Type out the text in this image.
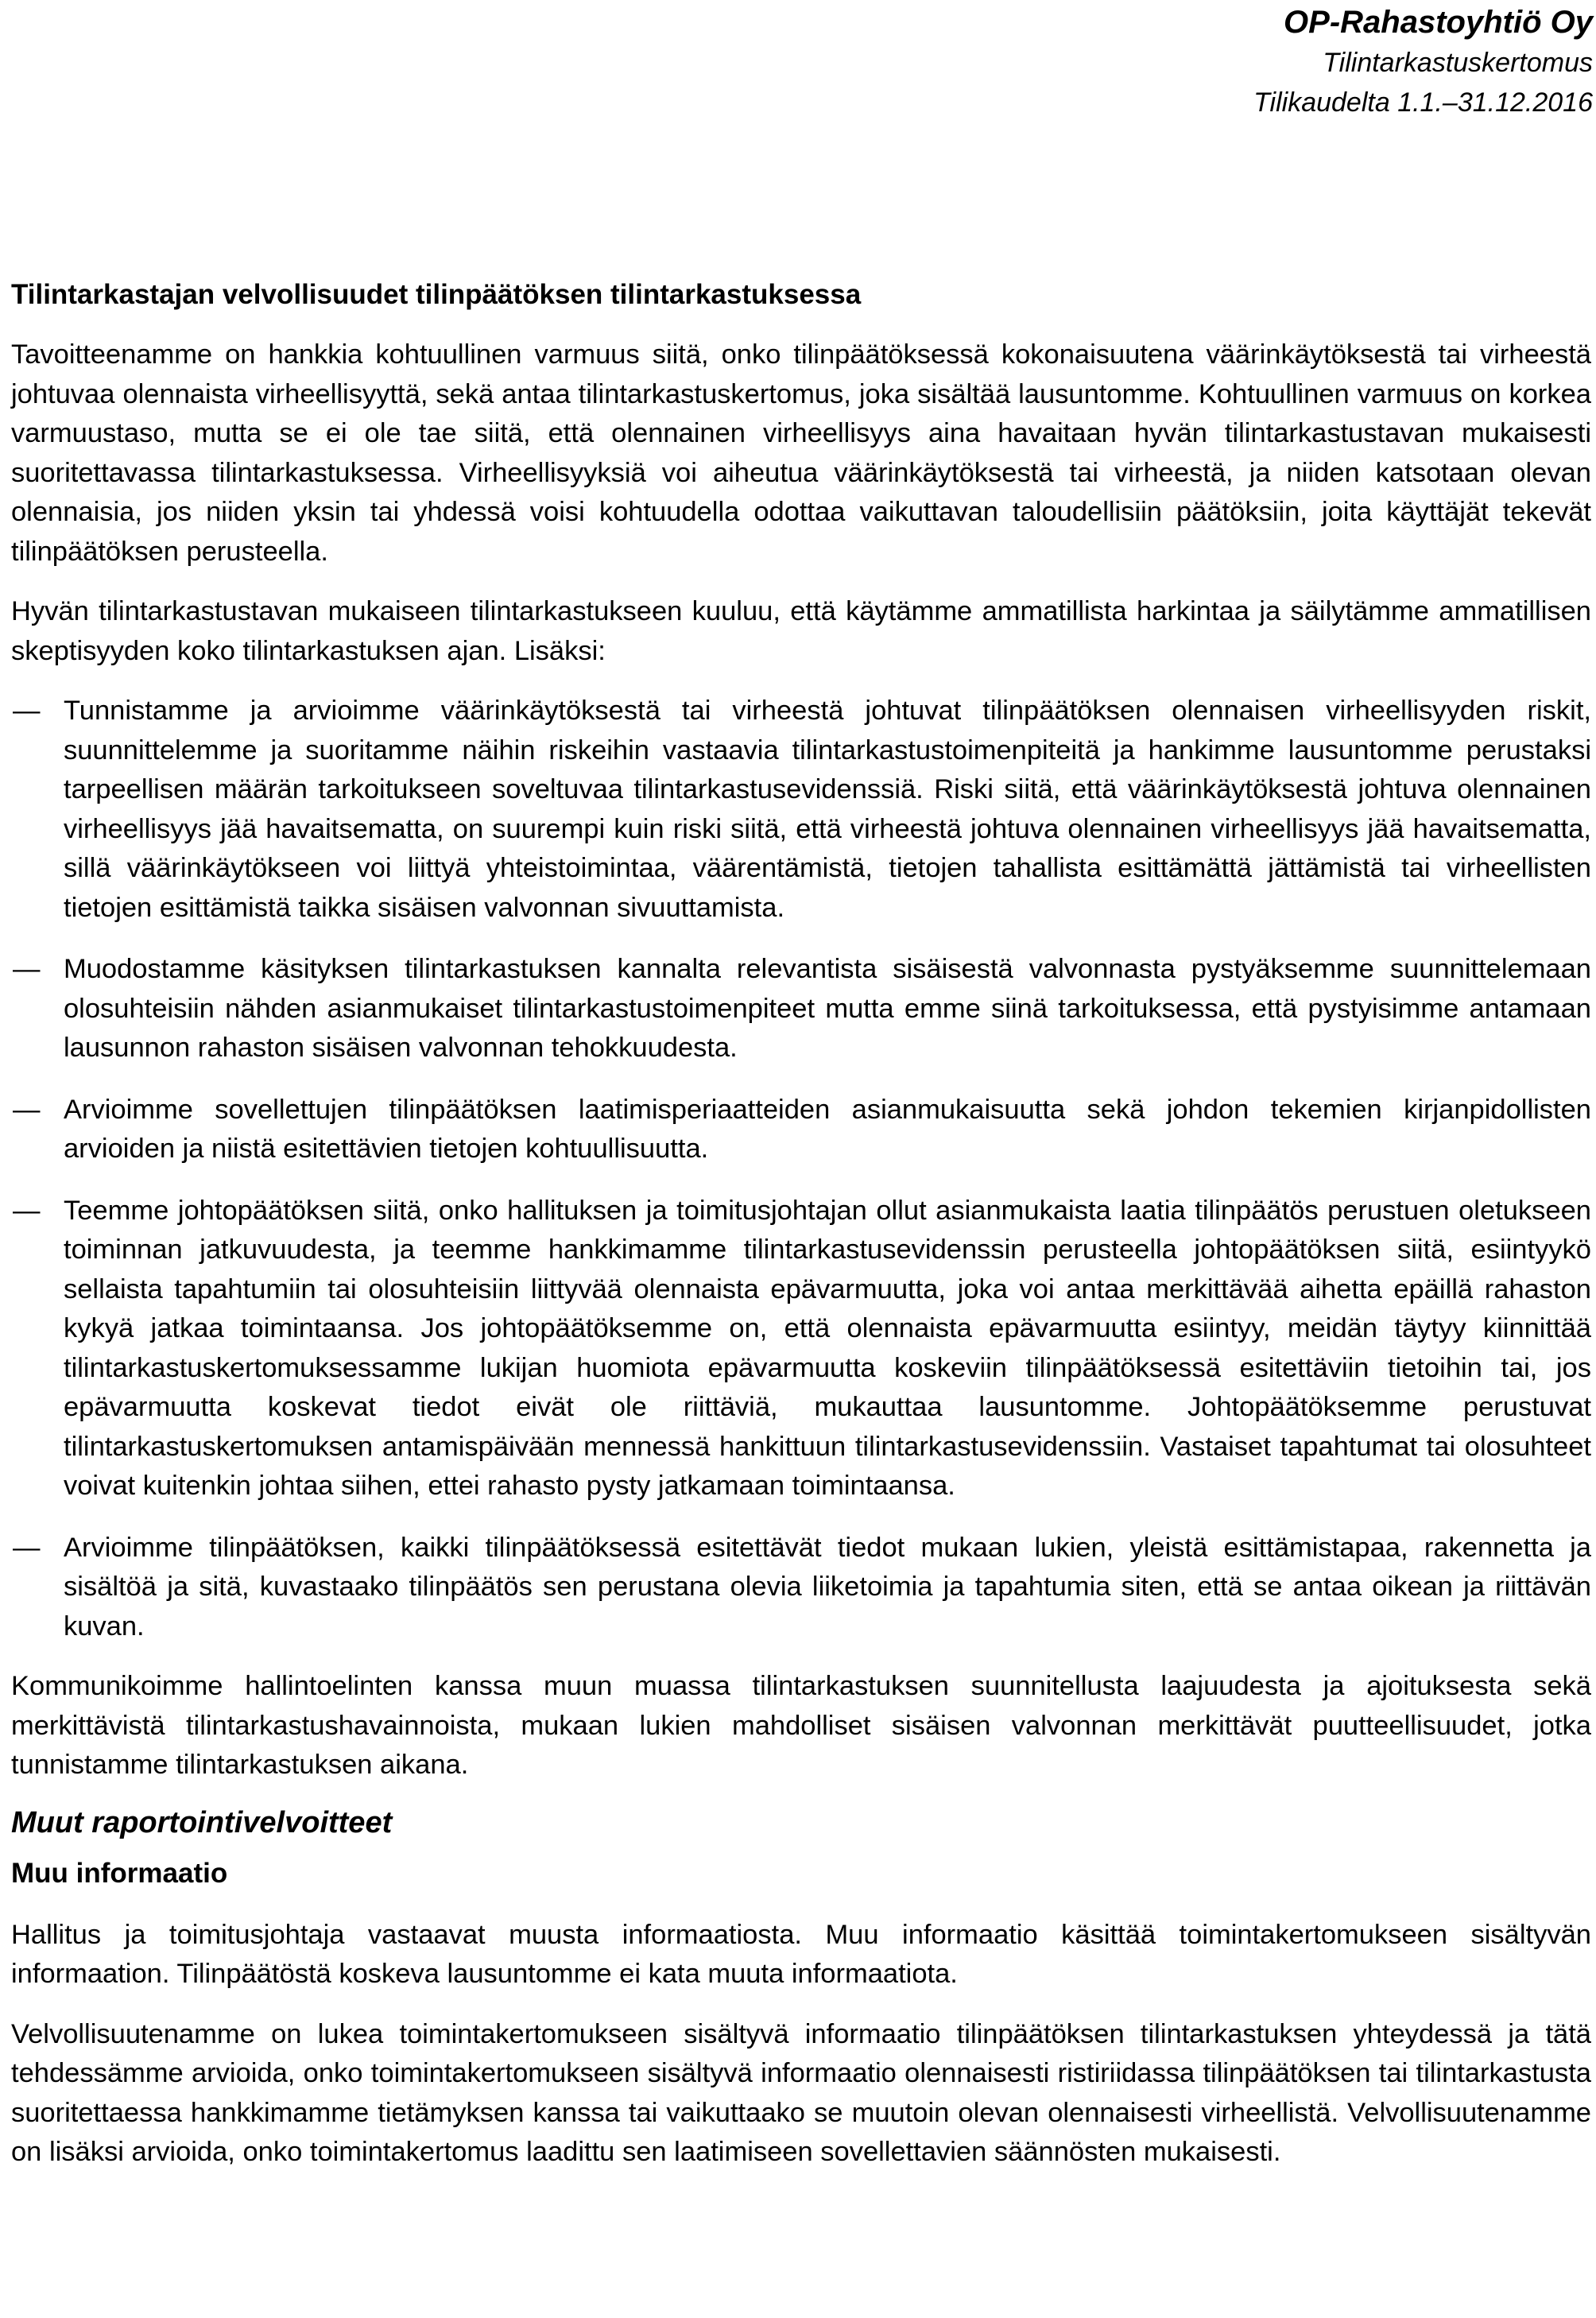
OP-Rahastoyhtiö Oy
Tilintarkastuskertomus
Tilikaudelta 1.1.–31.12.2016
Tilintarkastajan velvollisuudet tilinpäätöksen tilintarkastuksessa

Tavoitteenamme on hankkia kohtuullinen varmuus siitä, onko tilinpäätöksessä kokonaisuutena väärinkäytöksestä tai virheestä johtuvaa olennaista virheellisyyttä, sekä antaa tilintarkastuskertomus, joka sisältää lausuntomme. Kohtuullinen varmuus on korkea varmuustaso, mutta se ei ole tae siitä, että olennainen virheellisyys aina havaitaan hyvän tilintarkastustavan mukaisesti suoritettavassa tilintarkastuksessa. Virheellisyyksiä voi aiheutua väärinkäytöksestä tai virheestä, ja niiden katsotaan olevan olennaisia, jos niiden yksin tai yhdessä voisi kohtuudella odottaa vaikuttavan taloudellisiin päätöksiin, joita käyttäjät tekevät tilinpäätöksen perusteella.

Hyvän tilintarkastustavan mukaiseen tilintarkastukseen kuuluu, että käytämme ammatillista harkintaa ja säilytämme ammatillisen skeptisyyden koko tilintarkastuksen ajan. Lisäksi:

— Tunnistamme ja arvioimme väärinkäytöksestä tai virheestä johtuvat tilinpäätöksen olennaisen virheellisyyden riskit, suunnittelemme ja suoritamme näihin riskeihin vastaavia tilintarkastustoimenpiteitä ja hankimme lausuntomme perustaksi tarpeellisen määrän tarkoitukseen soveltuvaa tilintarkastusevidenssiä. Riski siitä, että väärinkäytöksestä johtuva olennainen virheellisyys jää havaitsematta, on suurempi kuin riski siitä, että virheestä johtuva olennainen virheellisyys jää havaitsematta, sillä väärinkäytökseen voi liittyä yhteistoimintaa, väärentämistä, tietojen tahallista esittämättä jättämistä tai virheellisten tietojen esittämistä taikka sisäisen valvonnan sivuuttamista.
— Muodostamme käsityksen tilintarkastuksen kannalta relevantista sisäisestä valvonnasta pystyäksemme suunnittelemaan olosuhteisiin nähden asianmukaiset tilintarkastustoimenpiteet mutta emme siinä tarkoituksessa, että pystyisimme antamaan lausunnon rahaston sisäisen valvonnan tehokkuudesta.
— Arvioimme sovellettujen tilinpäätöksen laatimisperiaatteiden asianmukaisuutta sekä johdon tekemien kirjanpidollisten arvioiden ja niistä esitettävien tietojen kohtuullisuutta.
— Teemme johtopäätöksen siitä, onko hallituksen ja toimitusjohtajan ollut asianmukaista laatia tilinpäätös perustuen oletukseen toiminnan jatkuvuudesta, ja teemme hankkimamme tilintarkastusevidenssin perusteella johtopäätöksen siitä, esiintyykö sellaista tapahtumiin tai olosuhteisiin liittyvää olennaista epävarmuutta, joka voi antaa merkittävää aihetta epäillä rahaston kykyä jatkaa toimintaansa. Jos johtopäätöksemme on, että olennaista epävarmuutta esiintyy, meidän täytyy kiinnittää tilintarkastuskertomuksessamme lukijan huomiota epävarmuutta koskeviin tilinpäätöksessä esitettäviin tietoihin tai, jos epävarmuutta koskevat tiedot eivät ole riittäviä, mukauttaa lausuntomme. Johtopäätöksemme perustuvat tilintarkastuskertomuksen antamispäivään mennessä hankittuun tilintarkastusevidenssiin. Vastaiset tapahtumat tai olosuhteet voivat kuitenkin johtaa siihen, ettei rahasto pysty jatkamaan toimintaansa.
— Arvioimme tilinpäätöksen, kaikki tilinpäätöksessä esitettävät tiedot mukaan lukien, yleistä esittämistapaa, rakennetta ja sisältöä ja sitä, kuvastaako tilinpäätös sen perustana olevia liiketoimia ja tapahtumia siten, että se antaa oikean ja riittävän kuvan.

Kommunikoimme hallintoelinten kanssa muun muassa tilintarkastuksen suunnitellusta laajuudesta ja ajoituksesta sekä merkittävistä tilintarkastushavainnoista, mukaan lukien mahdolliset sisäisen valvonnan merkittävät puutteellisuudet, jotka tunnistamme tilintarkastuksen aikana.

Muut raportointivelvoitteet
Muu informaatio

Hallitus ja toimitusjohtaja vastaavat muusta informaatiosta. Muu informaatio käsittää toimintakertomukseen sisältyvän informaation. Tilinpäätöstä koskeva lausuntomme ei kata muuta informaatiota.

Velvollisuutenamme on lukea toimintakertomukseen sisältyvä informaatio tilinpäätöksen tilintarkastuksen yhteydessä ja tätä tehdessämme arvioida, onko toimintakertomukseen sisältyvä informaatio olennaisesti ristiriidassa tilinpäätöksen tai tilintarkastusta suoritettaessa hankkimamme tietämyksen kanssa tai vaikuttaako se muutoin olevan olennaisesti virheellistä. Velvollisuutenamme on lisäksi arvioida, onko toimintakertomus laadittu sen laatimiseen sovellettavien säännösten mukaisesti.
